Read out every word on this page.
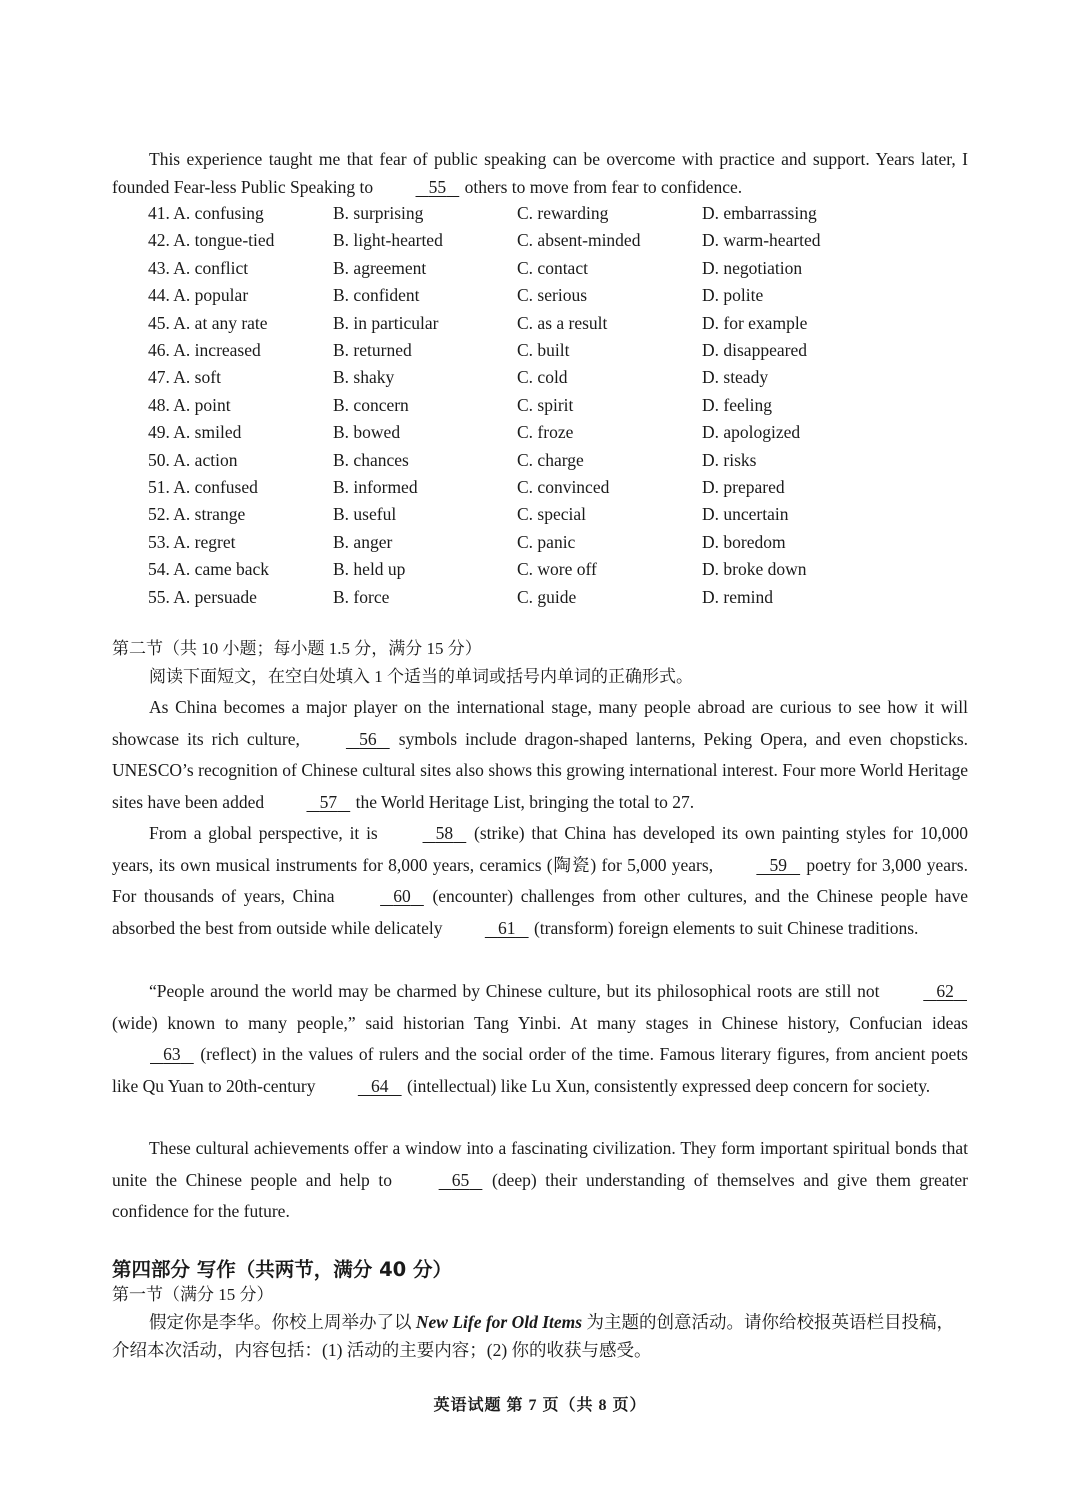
This experience taught me that fear of public speaking can be overcome with practice and support. Years later, I founded Fear-less Public Speaking to	55    others to move from fear to confidence.

41. A. confusing	B. surprising	C. rewarding	D. embarrassing
42. A. tongue-tied	B. light-hearted	C. absent-minded	D. warm-hearted
43. A. conflict	B. agreement	C. contact	D. negotiation
44. A. popular	B. confident	C. serious	D. polite
45. A. at any rate	B. in particular	C. as a result	D. for example
46. A. increased	B. returned	C. built	D. disappeared
47. A. soft	B. shaky	C. cold	D. steady
48. A. point	B. concern	C. spirit	D. feeling
49. A. smiled	B. bowed	C. froze	D. apologized
50. A. action	B. chances	C. charge	D. risks
51. A. confused	B. informed	C. convinced	D. prepared
52. A. strange	B. useful	C. special	D. uncertain
53. A. regret	B. anger	C. panic	D. boredom
54. A. came back	B. held up	C. wore off	D. broke down
55. A. persuade	B. force	C. guide	D. remind
第二节（共 10 小题；每小题 1.5 分，满分 15 分）
阅读下面短文，在空白处填入 1 个适当的单词或括号内单词的正确形式。

As China becomes a major player on the international stage, many people abroad are curious to see how it will showcase its rich culture,	56    symbols include dragon-shaped lanterns, Peking Opera, and even chopsticks. UNESCO’s recognition of Chinese cultural sites also shows this growing international interest. Four more World Heritage sites have been added	57    the World Heritage List, bringing the total to 27.

From a global perspective, it is	58    (strike) that China has developed its own painting styles for 10,000 years, its own musical instruments for 8,000 years, ceramics (陶瓷) for 5,000 years,	59    poetry for 3,000 years. For thousands of years, China	60    (encounter) challenges from other cultures, and the Chinese people have absorbed the best from outside while delicately	61    (transform) foreign elements to suit Chinese traditions.

“People around the world may be charmed by Chinese culture, but its philosophical roots are still not	62    (wide) known to many people,” said historian Tang Yinbi. At many stages in Chinese history, Confucian ideas    63    (reflect) in the values of rulers and the social order of the time. Famous literary figures, from ancient poets like Qu Yuan to 20th-century	64    (intellectual) like Lu Xun, consistently expressed deep concern for society.

These cultural achievements offer a window into a fascinating civilization. They form important spiritual bonds that unite the Chinese people and help to	65    (deep) their understanding of themselves and give them greater confidence for the future.

第四部分 写作（共两节，满分 40 分）
第一节（满分 15 分）

假定你是李华。你校上周举办了以 New Life for Old Items 为主题的创意活动。请你给校报英语栏目投稿，介绍本次活动，内容包括：(1) 活动的主要内容；(2) 你的收获与感受。

英语试题 第 7 页（共 8 页）
